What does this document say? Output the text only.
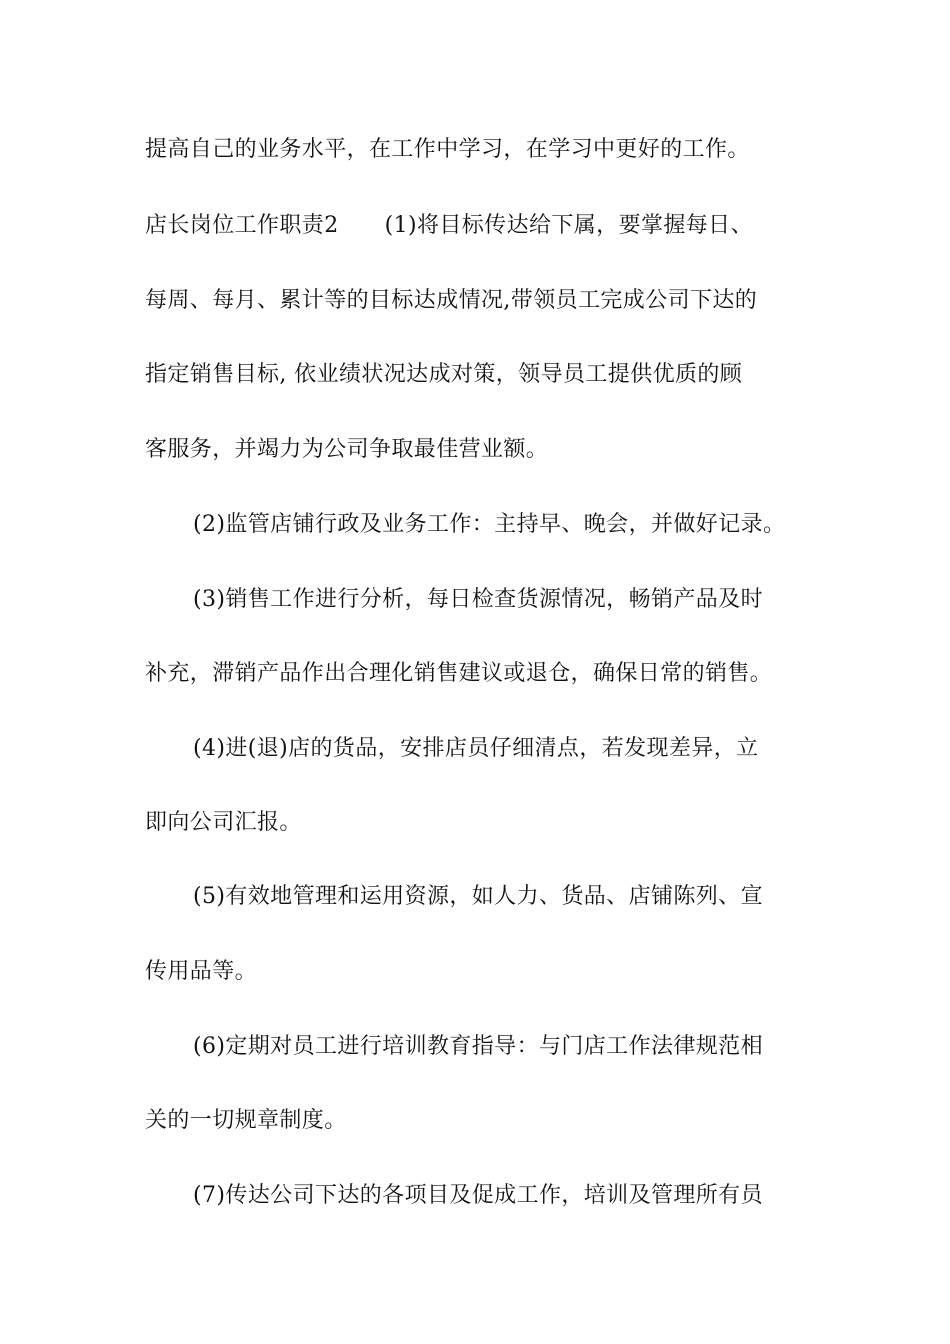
提高自己的业务水平，在工作中学习，在学习中更好的工作。
店长岗位工作职责2 (1)将目标传达给下属，要掌握每日、
每周、每月、累计等的目标达成情况,带领员工完成公司下达的
指定销售目标, 依业绩状况达成对策，领导员工提供优质的顾
客服务，并竭力为公司争取最佳营业额。
(2)监管店铺行政及业务工作：主持早、晚会，并做好记录。
(3)销售工作进行分析，每日检查货源情况，畅销产品及时
补充，滞销产品作出合理化销售建议或退仓，确保日常的销售。
(4)进(退)店的货品，安排店员仔细清点，若发现差异，立
即向公司汇报。
(5)有效地管理和运用资源，如人力、货品、店铺陈列、宣
传用品等。
(6)定期对员工进行培训教育指导：与门店工作法律规范相
关的一切规章制度。
(7)传达公司下达的各项目及促成工作，培训及管理所有员
